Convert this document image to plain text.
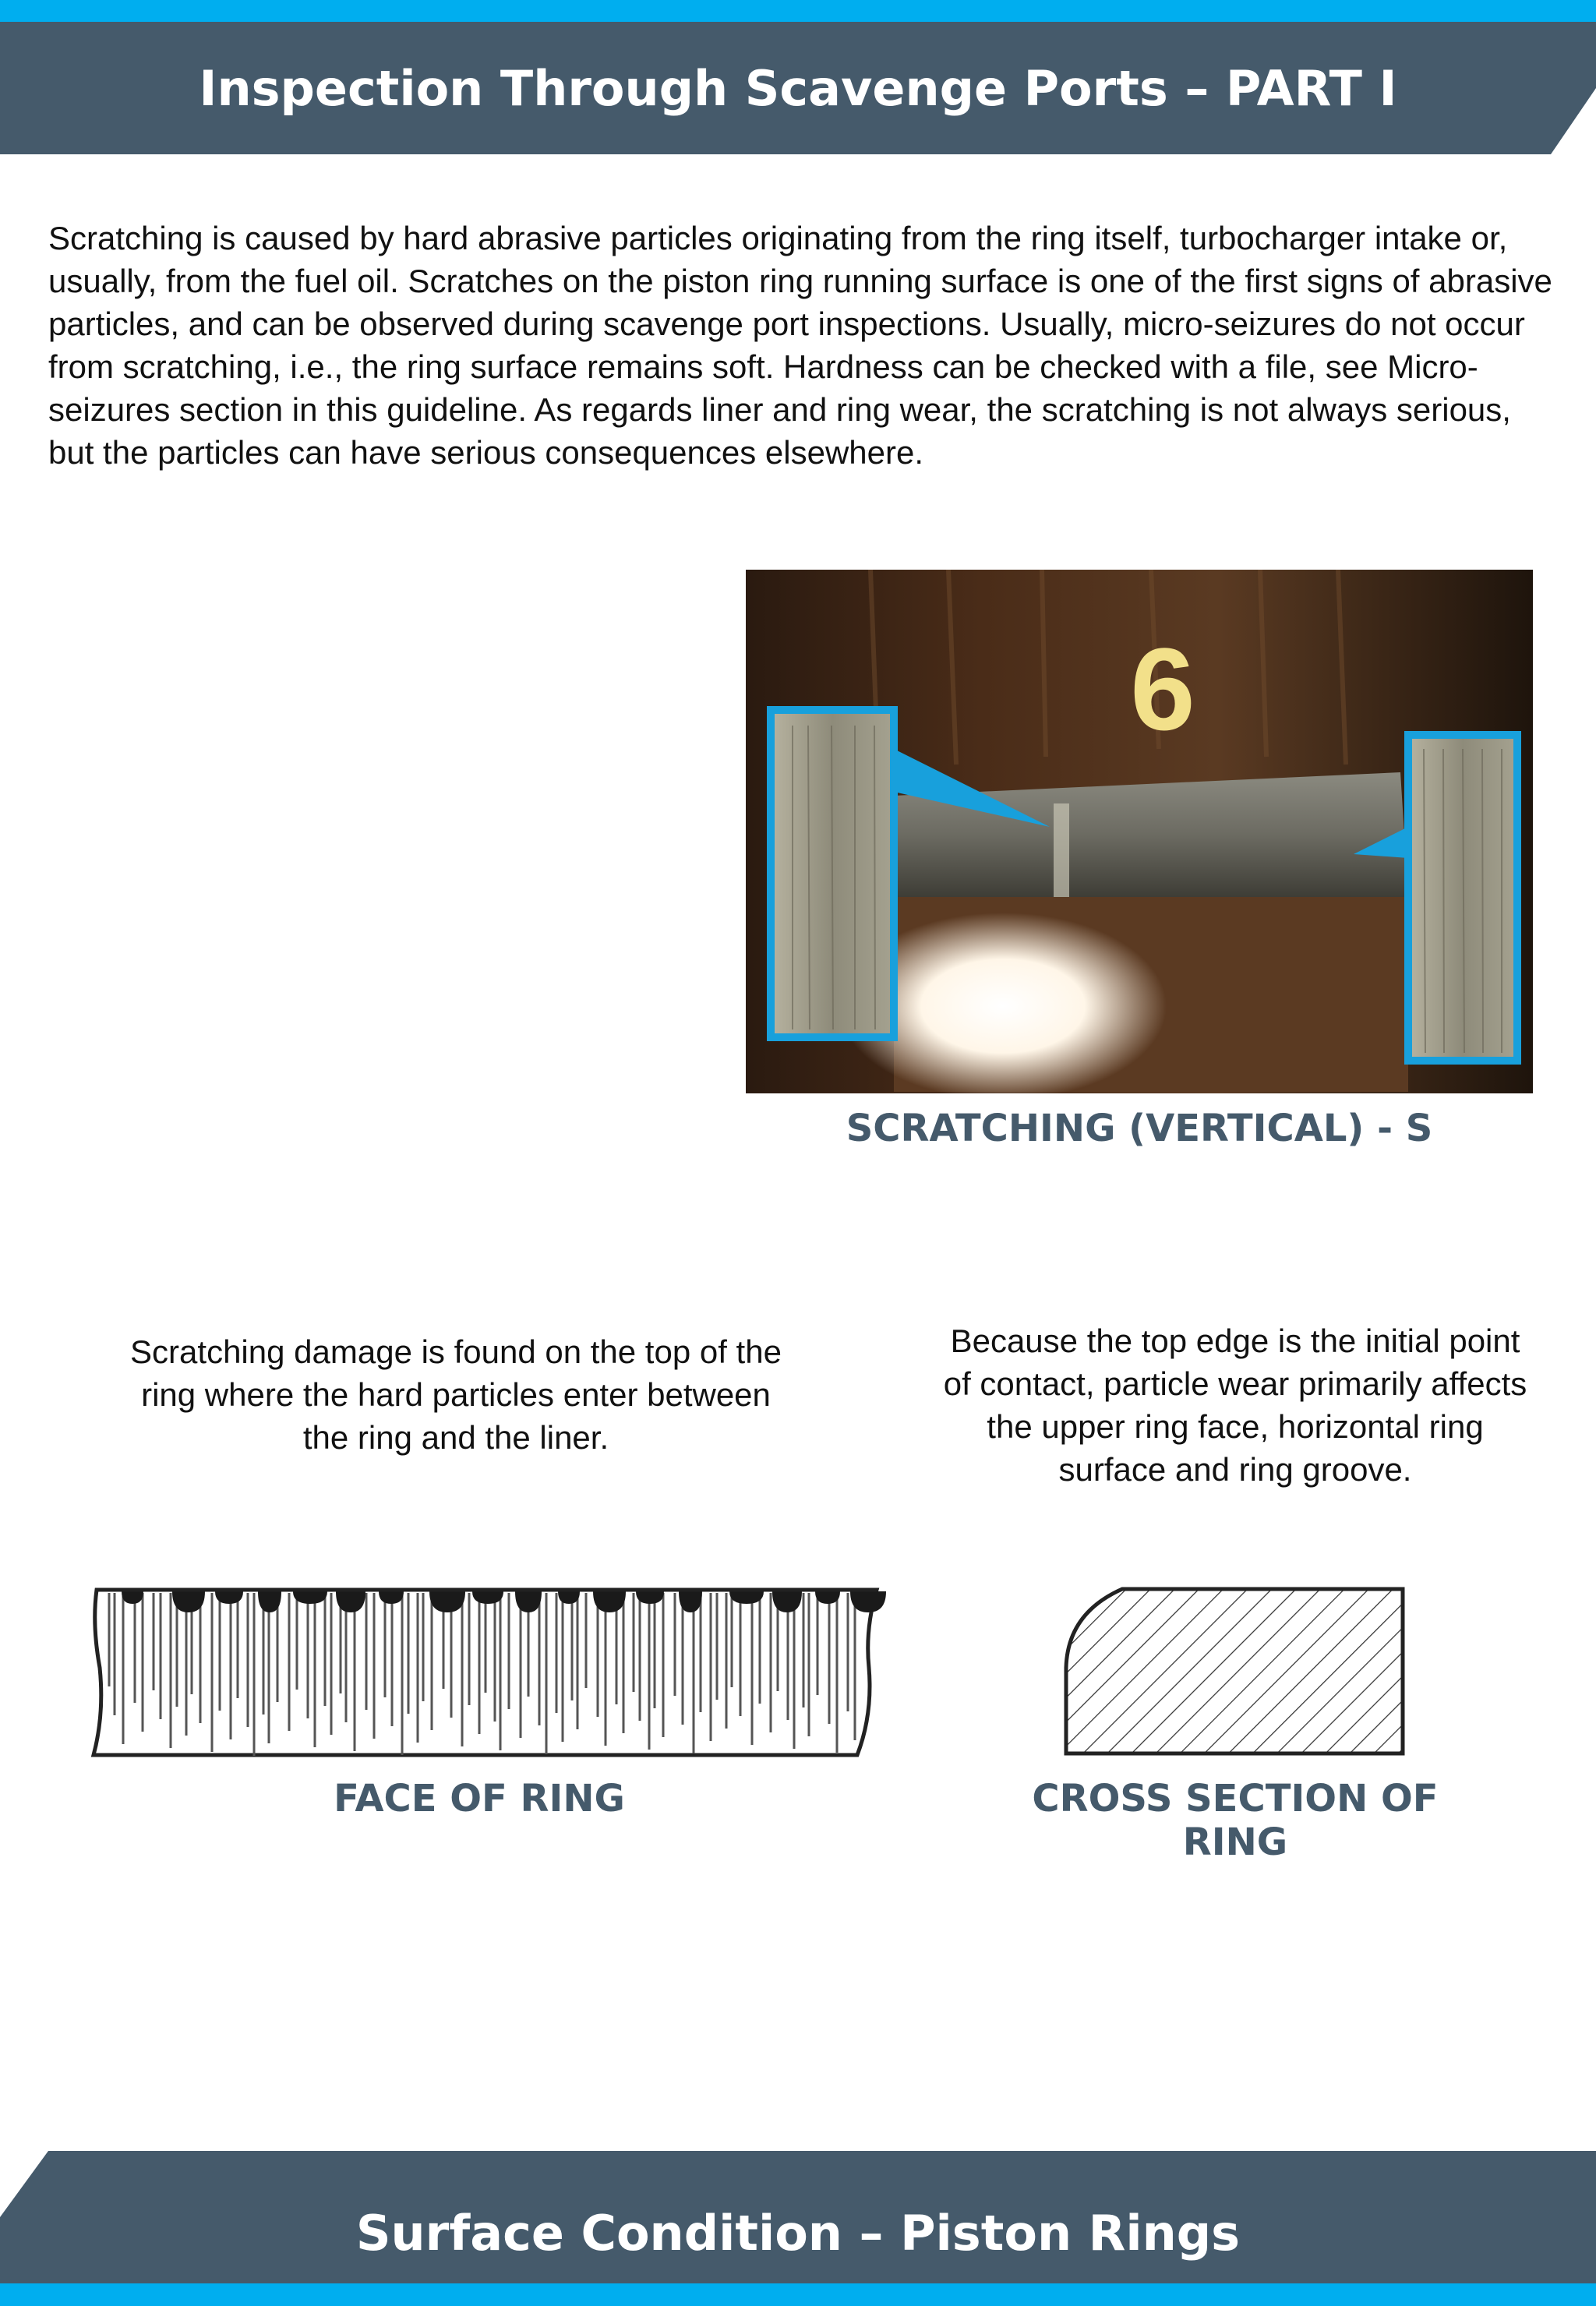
Inspection Through Scavenge Ports – PART I

Scratching is caused by hard abrasive particles originating from the ring itself, turbocharger intake or, usually, from the fuel oil. Scratches on the piston ring running surface is one of the first signs of abrasive particles, and can be observed during scavenge port inspections. Usually, micro-seizures do not occur from scratching, i.e., the ring surface remains soft. Hardness can be checked with a file, see Micro-seizures section in this guideline. As regards liner and ring wear, the scratching is not always serious, but the particles can have serious consequences elsewhere.

6
SCRATCHING (VERTICAL) - S
Scratching damage is found on the top of the ring where the hard particles enter between the ring and the liner.
Because the top edge is the initial point of contact, particle wear primarily affects the upper ring face, horizontal ring surface and ring groove.
FACE OF RING	CROSS SECTION OF RING
Surface Condition – Piston Rings
